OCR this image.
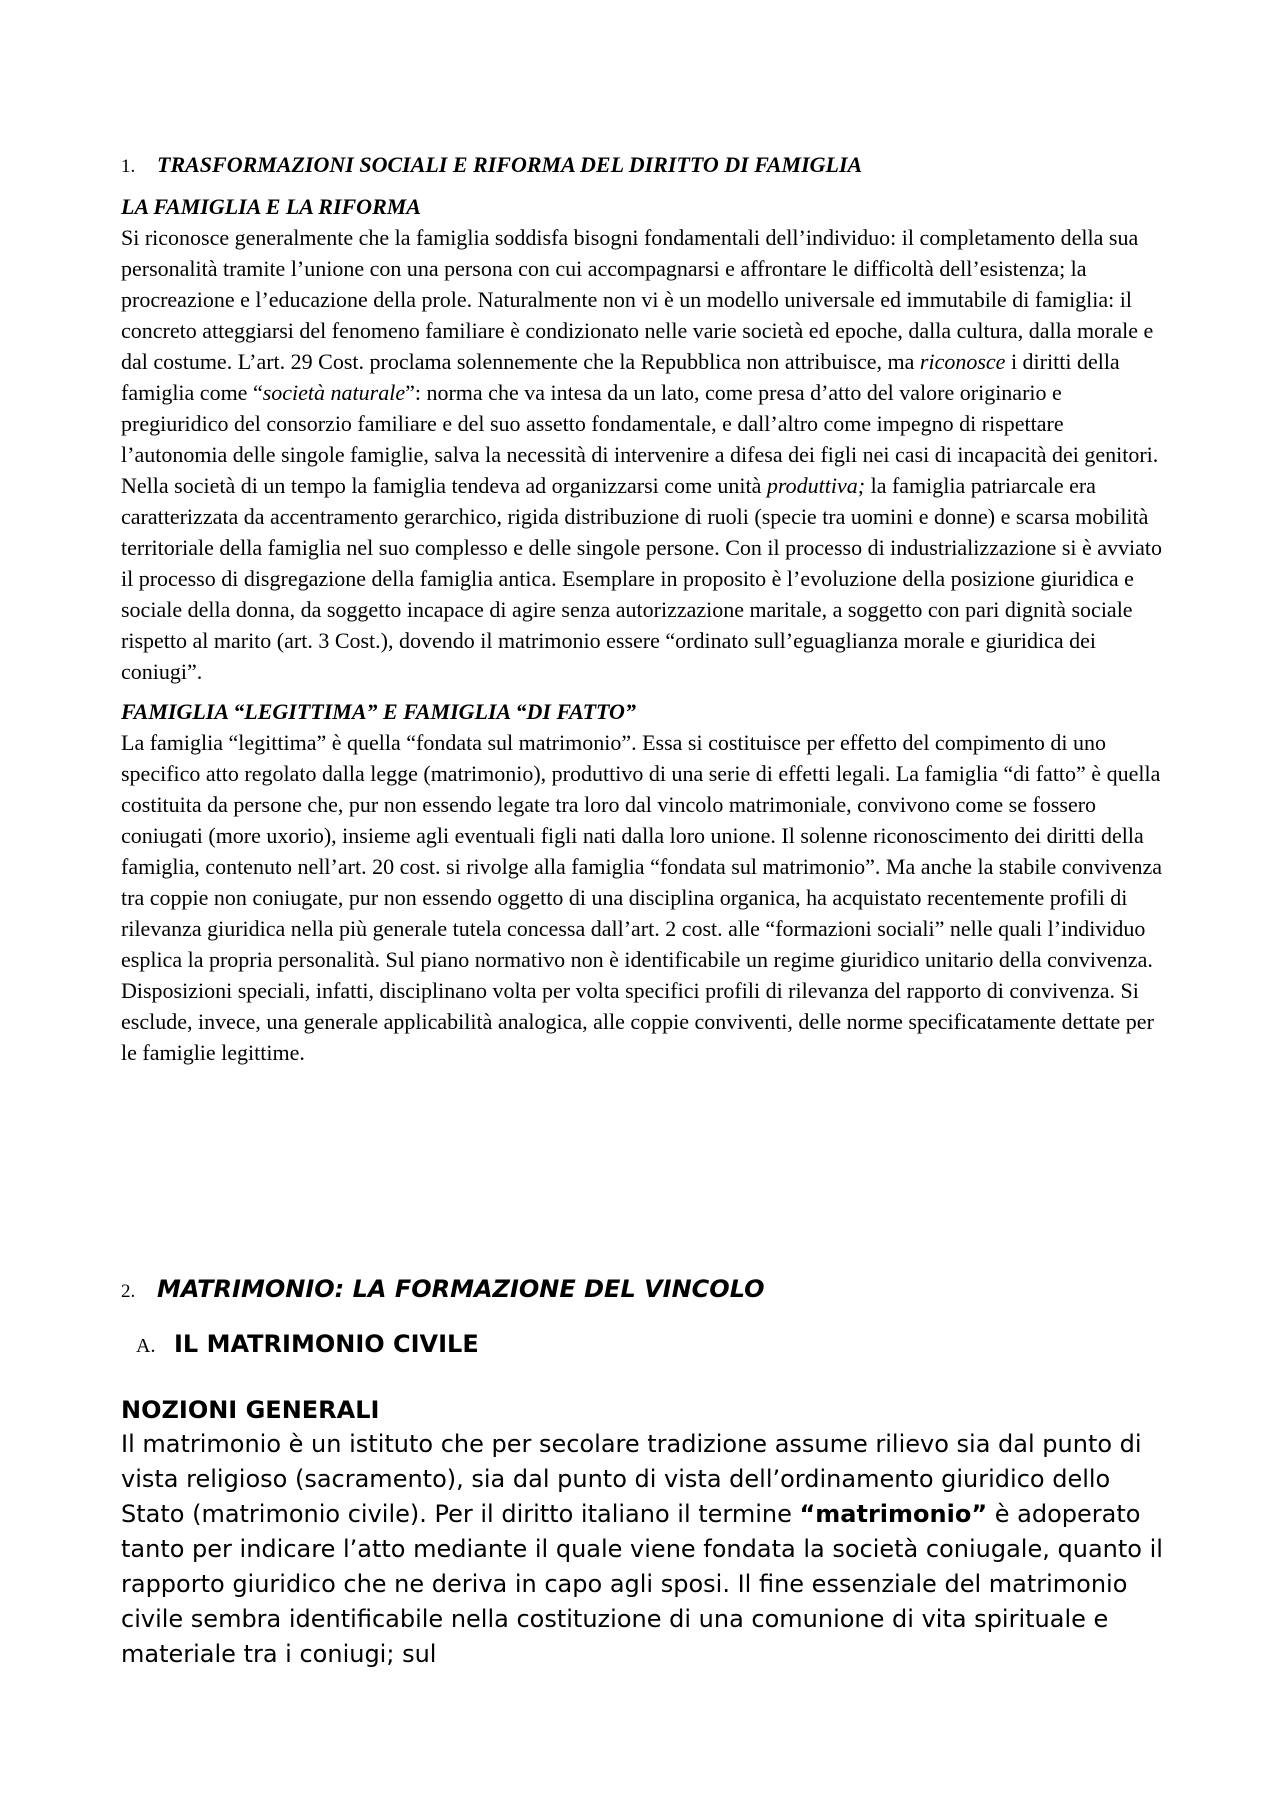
1. TRASFORMAZIONI SOCIALI E RIFORMA DEL DIRITTO DI FAMIGLIA

LA FAMIGLIA E LA RIFORMA

Si riconosce generalmente che la famiglia soddisfa bisogni fondamentali dell’individuo: il completamento della sua personalità tramite l’unione con una persona con cui accompagnarsi e affrontare le difficoltà dell’esistenza; la procreazione e l’educazione della prole. Naturalmente non vi è un modello universale ed immutabile di famiglia: il concreto atteggiarsi del fenomeno familiare è condizionato nelle varie società ed epoche, dalla cultura, dalla morale e dal costume. L’art. 29 Cost. proclama solennemente che la Repubblica non attribuisce, ma riconosce i diritti della famiglia come “società naturale”: norma che va intesa da un lato, come presa d’atto del valore originario e pregiuridico del consorzio familiare e del suo assetto fondamentale, e dall’altro come impegno di rispettare l’autonomia delle singole famiglie, salva la necessità di intervenire a difesa dei figli nei casi di incapacità dei genitori. Nella società di un tempo la famiglia tendeva ad organizzarsi come unità produttiva; la famiglia patriarcale era caratterizzata da accentramento gerarchico, rigida distribuzione di ruoli (specie tra uomini e donne) e scarsa mobilità territoriale della famiglia nel suo complesso e delle singole persone. Con il processo di industrializzazione si è avviato il processo di disgregazione della famiglia antica. Esemplare in proposito è l’evoluzione della posizione giuridica e sociale della donna, da soggetto incapace di agire senza autorizzazione maritale, a soggetto con pari dignità sociale rispetto al marito (art. 3 Cost.), dovendo il matrimonio essere “ordinato sull’eguaglianza morale e giuridica dei coniugi”.

FAMIGLIA “LEGITTIMA” E FAMIGLIA “DI FATTO”

La famiglia “legittima” è quella “fondata sul matrimonio”. Essa si costituisce per effetto del compimento di uno specifico atto regolato dalla legge (matrimonio), produttivo di una serie di effetti legali. La famiglia “di fatto” è quella costituita da persone che, pur non essendo legate tra loro dal vincolo matrimoniale, convivono come se fossero coniugati (more uxorio), insieme agli eventuali figli nati dalla loro unione. Il solenne riconoscimento dei diritti della famiglia, contenuto nell’art. 20 cost. si rivolge alla famiglia “fondata sul matrimonio”. Ma anche la stabile convivenza tra coppie non coniugate, pur non essendo oggetto di una disciplina organica, ha acquistato recentemente profili di rilevanza giuridica nella più generale tutela concessa dall’art. 2 cost. alle “formazioni sociali” nelle quali l’individuo esplica la propria personalità. Sul piano normativo non è identificabile un regime giuridico unitario della convivenza. Disposizioni speciali, infatti, disciplinano volta per volta specifici profili di rilevanza del rapporto di convivenza. Si esclude, invece, una generale applicabilità analogica, alle coppie conviventi, delle norme specificatamente dettate per le famiglie legittime.

2. MATRIMONIO: LA FORMAZIONE DEL VINCOLO

A. IL MATRIMONIO CIVILE

NOZIONI GENERALI

Il matrimonio è un istituto che per secolare tradizione assume rilievo sia dal punto di vista religioso (sacramento), sia dal punto di vista dell’ordinamento giuridico dello Stato (matrimonio civile). Per il diritto italiano il termine “matrimonio” è adoperato tanto per indicare l’atto mediante il quale viene fondata la società coniugale, quanto il rapporto giuridico che ne deriva in capo agli sposi. Il fine essenziale del matrimonio civile sembra identificabile nella costituzione di una comunione di vita spirituale e materiale tra i coniugi; sul
